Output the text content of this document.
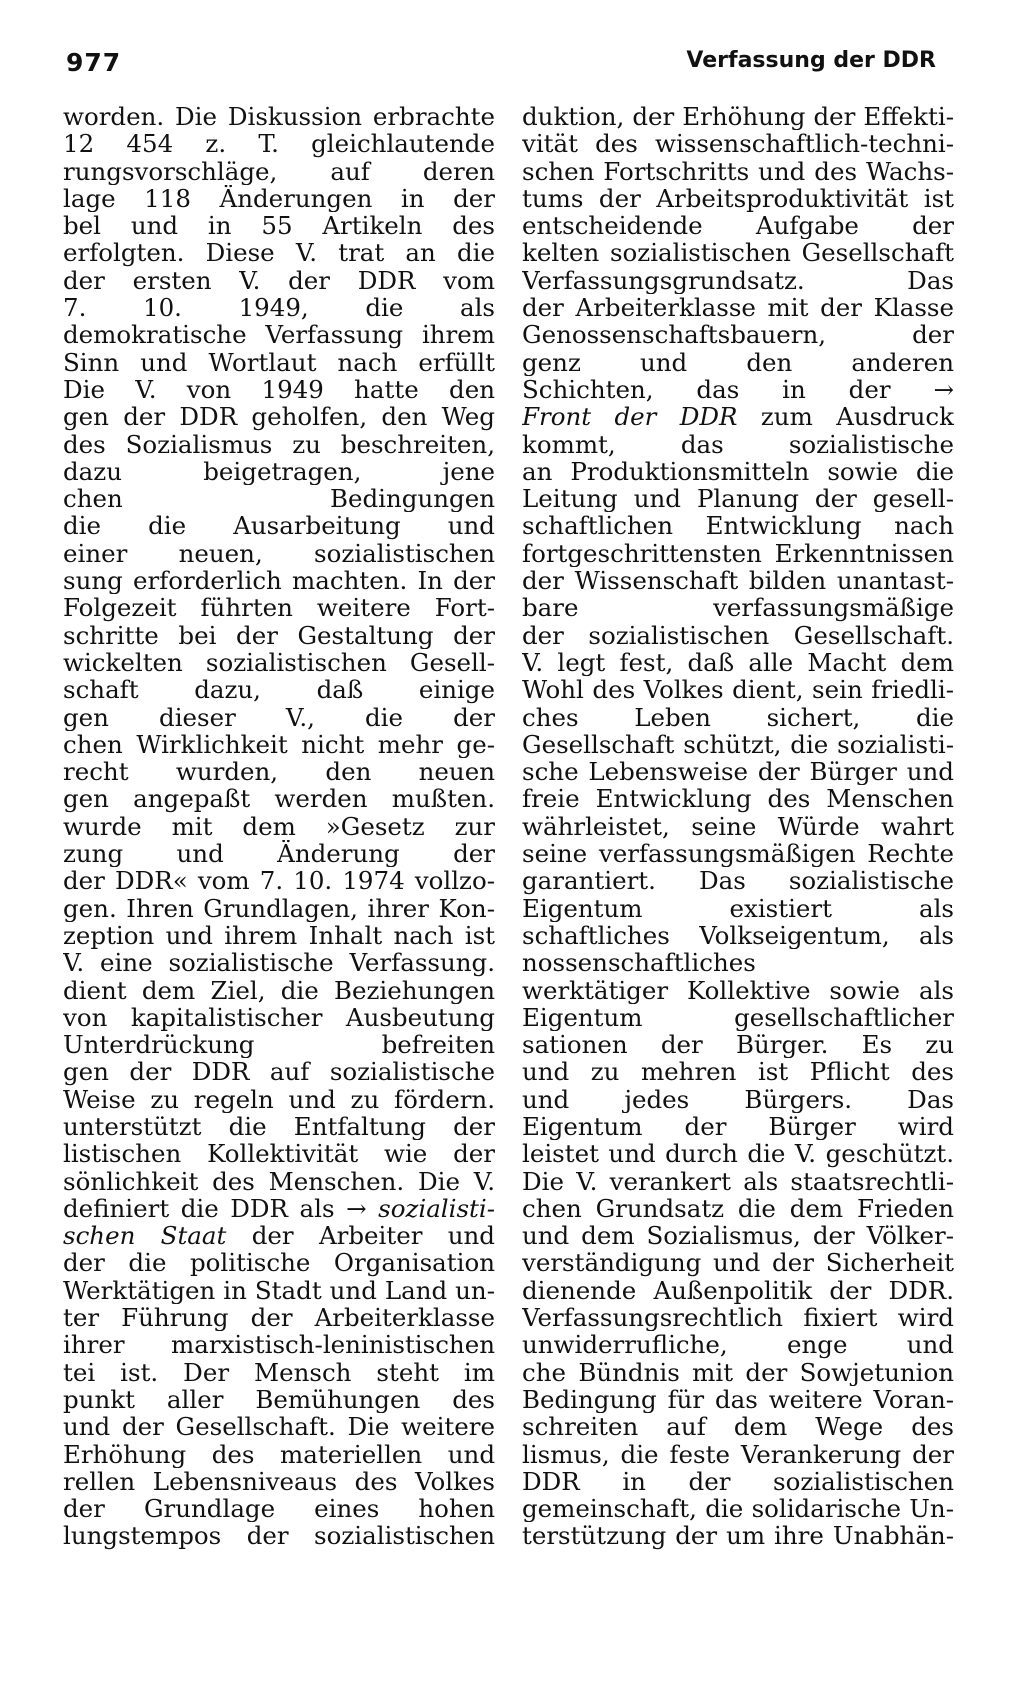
977	Verfassung der DDR
worden. Die Diskussion erbrachte
12 454 z. T. gleichlautende
rungsvorschläge, auf deren
lage 118 Änderungen in der
bel und in 55 Artikeln des
erfolgten. Diese V. trat an die
der ersten V. der DDR vom
7. 10. 1949, die als
demokratische Verfassung ihrem
Sinn und Wortlaut nach erfüllt
Die V. von 1949 hatte den
gen der DDR geholfen, den Weg
des Sozialismus zu beschreiten,
dazu beigetragen, jene
chen Bedingungen
die die Ausarbeitung und
einer neuen, sozialistischen
sung erforderlich machten. In der
Folgezeit führten weitere Fort-
schritte bei der Gestaltung der
wickelten sozialistischen Gesell-
schaft dazu, daß einige
gen dieser V., die der
chen Wirklichkeit nicht mehr ge-
recht wurden, den neuen
gen angepaßt werden mußten.
wurde mit dem »Gesetz zur
zung und Änderung der
der DDR« vom 7. 10. 1974 vollzo-
gen. Ihren Grundlagen, ihrer Kon-
zeption und ihrem Inhalt nach ist
V. eine sozialistische Verfassung.
dient dem Ziel, die Beziehungen
von kapitalistischer Ausbeutung
Unterdrückung befreiten
gen der DDR auf sozialistische
Weise zu regeln und zu fördern.
unterstützt die Entfaltung der
listischen Kollektivität wie der
sönlichkeit des Menschen. Die V.
definiert die DDR als → sozialisti-
schen Staat der Arbeiter und
der die politische Organisation
Werktätigen in Stadt und Land un-
ter Führung der Arbeiterklasse
ihrer marxistisch-leninistischen
tei ist. Der Mensch steht im
punkt aller Bemühungen des
und der Gesellschaft. Die weitere
Erhöhung des materiellen und
rellen Lebensniveaus des Volkes
der Grundlage eines hohen
lungstempos der sozialistischen
duktion, der Erhöhung der Effekti-
vität des wissenschaftlich-techni-
schen Fortschritts und des Wachs-
tums der Arbeitsproduktivität ist
entscheidende Aufgabe der
kelten sozialistischen Gesellschaft
Verfassungsgrundsatz. Das
der Arbeiterklasse mit der Klasse
Genossenschaftsbauern, der
genz und den anderen
Schichten, das in der →
Front der DDR zum Ausdruck
kommt, das sozialistische
an Produktionsmitteln sowie die
Leitung und Planung der gesell-
schaftlichen Entwicklung nach
fortgeschrittensten Erkenntnissen
der Wissenschaft bilden unantast-
bare verfassungsmäßige
der sozialistischen Gesellschaft.
V. legt fest, daß alle Macht dem
Wohl des Volkes dient, sein friedli-
ches Leben sichert, die
Gesellschaft schützt, die sozialisti-
sche Lebensweise der Bürger und
freie Entwicklung des Menschen
währleistet, seine Würde wahrt
seine verfassungsmäßigen Rechte
garantiert. Das sozialistische
Eigentum existiert als
schaftliches Volkseigentum, als
nossenschaftliches
werktätiger Kollektive sowie als
Eigentum gesellschaftlicher
sationen der Bürger. Es zu
und zu mehren ist Pflicht des
und jedes Bürgers. Das
Eigentum der Bürger wird
leistet und durch die V. geschützt.
Die V. verankert als staatsrechtli-
chen Grundsatz die dem Frieden
und dem Sozialismus, der Völker-
verständigung und der Sicherheit
dienende Außenpolitik der DDR.
Verfassungsrechtlich fixiert wird
unwiderrufliche, enge und
che Bündnis mit der Sowjetunion
Bedingung für das weitere Voran-
schreiten auf dem Wege des
lismus, die feste Verankerung der
DDR in der sozialistischen
gemeinschaft, die solidarische Un-
terstützung der um ihre Unabhän-
